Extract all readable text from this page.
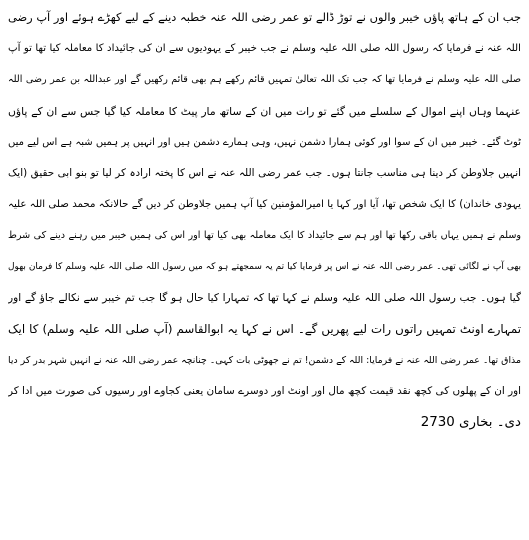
جب ان کے ہاتھ پاؤں خیبر والوں نے توڑ ڈالے تو عمر رضی اللہ عنہ خطبہ دینے کے لیے کھڑے ہوئے اور آپ رضی
اللہ عنہ نے فرمایا کہ رسول اللہ صلی اللہ علیہ وسلم نے جب خیبر کے یہودیوں سے ان کی جائیداد کا معاملہ کیا تھا تو آپ
صلی اللہ علیہ وسلم نے فرمایا تھا کہ جب تک اللہ تعالیٰ تمہیں قائم رکھے ہم بھی قائم رکھیں گے اور عبداللہ بن عمر رضی اللہ
عنہما وہاں اپنے اموال کے سلسلے میں گئے تو رات میں ان کے ساتھ مار پیٹ کا معاملہ کیا گیا جس سے ان کے پاؤں
ٹوٹ گئے۔ خیبر میں ان کے سوا اور کوئی ہمارا دشمن نہیں، وہی ہمارے دشمن ہیں اور انہیں پر ہمیں شبہ ہے اس لیے میں
انہیں جلاوطن کر دینا ہی مناسب جانتا ہوں۔ جب عمر رضی اللہ عنہ نے اس کا پختہ ارادہ کر لیا تو بنو ابی حقیق (ایک
یہودی خاندان) کا ایک شخص تھا، آیا اور کہا یا امیرالمؤمنین کیا آپ ہمیں جلاوطن کر دیں گے حالانکہ محمد صلی اللہ علیہ
وسلم نے ہمیں یہاں باقی رکھا تھا اور ہم سے جائیداد کا ایک معاملہ بھی کیا تھا اور اس کی ہمیں خیبر میں رہنے دینے کی شرط
بھی آپ نے لگائی تھی۔ عمر رضی اللہ عنہ نے اس پر فرمایا کیا تم یہ سمجھتے ہو کہ میں رسول اللہ صلی اللہ علیہ وسلم کا فرمان بھول
گیا ہوں۔ جب رسول اللہ صلی اللہ علیہ وسلم نے کہا تھا کہ تمہارا کیا حال ہو گا جب تم خیبر سے نکالے جاؤ گے اور
تمہارے اونٹ تمہیں راتوں رات لیے پھریں گے۔ اس نے کہا یہ ابوالقاسم (آپ صلی اللہ علیہ وسلم) کا ایک
مذاق تھا۔ عمر رضی اللہ عنہ نے فرمایا: اللہ کے دشمن! تم نے جھوٹی بات کہی۔ چنانچہ عمر رضی اللہ عنہ نے انہیں شہر بدر کر دیا
اور ان کے پھلوں کی کچھ نقد قیمت کچھ مال اور اونٹ اور دوسرے سامان یعنی کجاوے اور رسیوں کی صورت میں ادا کر
دی۔ بخاری 2730
